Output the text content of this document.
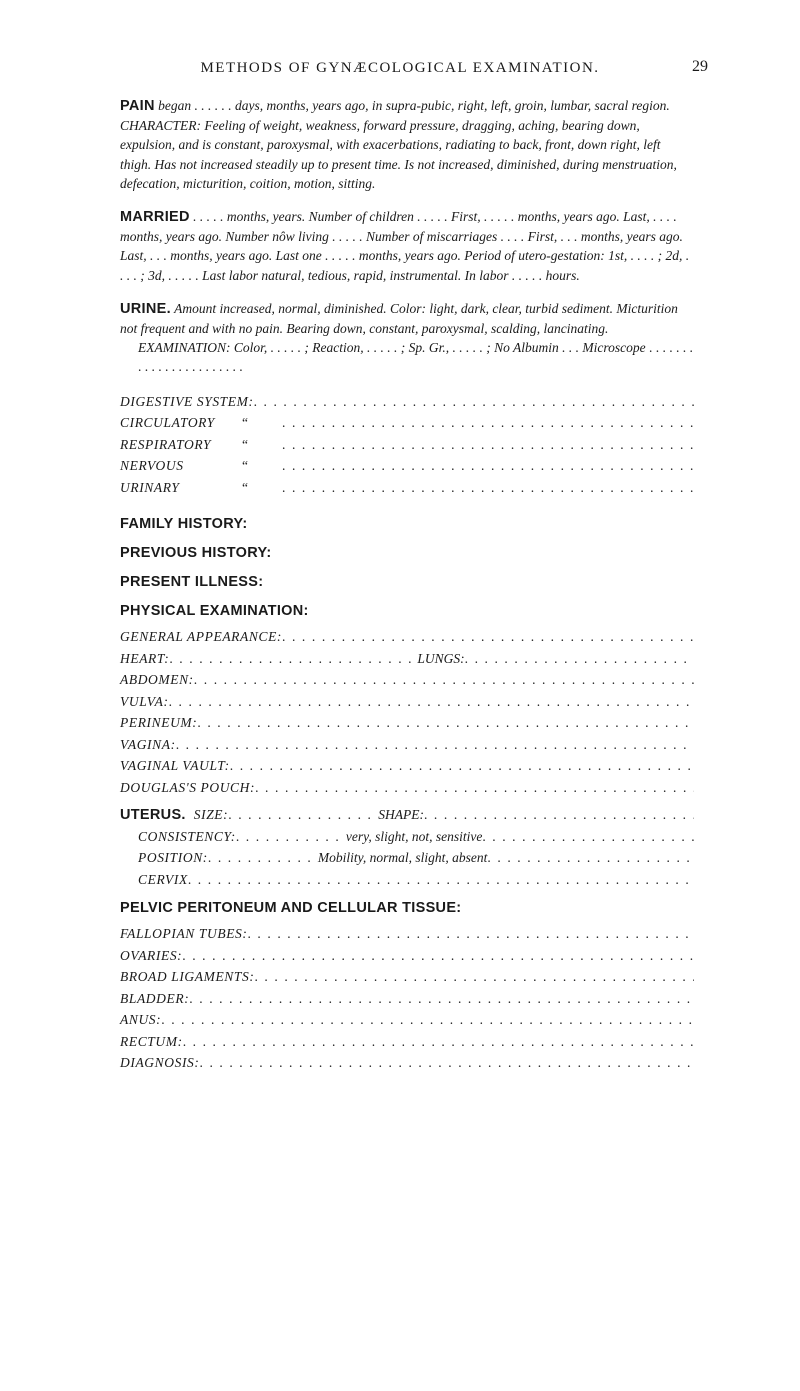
METHODS OF GYNÆCOLOGICAL EXAMINATION.	29

PAIN began . . . . . . days, months, years ago, in supra-pubic, right, left, groin, lumbar, sacral region. CHARACTER: Feeling of weight, weakness, forward pressure, dragging, aching, bearing down, expulsion, and is constant, paroxysmal, with exacerbations, radiating to back, front, down right, left thigh. Has not increased steadily up to present time. Is not increased, diminished, during menstruation, defecation, micturition, coition, motion, sitting.

MARRIED . . . . . months, years. Number of children . . . . . First, . . . . . months, years ago. Last, . . . . months, years ago. Number nôw living . . . . . Number of miscarriages . . . . First, . . . months, years ago. Last, . . . months, years ago. Last one . . . . . months, years ago. Period of utero-gestation: 1st, . . . . ; 2d, . . . . ; 3d, . . . . . Last labor natural, tedious, rapid, instrumental. In labor . . . . . hours.

URINE. Amount increased, normal, diminished. Color: light, dark, clear, turbid sediment. Micturition not frequent and with no pain. Bearing down, constant, paroxysmal, scalding, lancinating.

EXAMINATION: Color, . . . . . ; Reaction, . . . . . ; Sp. Gr., . . . . . ; No Albumin . . . Microscope . . . . . . . . . . . . . . . . . . . . . . .

DIGESTIVE SYSTEM:
. . .
CIRCULATORY	“
. . .
RESPIRATORY	“
. . .
NERVOUS	“
. . .
URINARY	“
. . .
FAMILY HISTORY:
PREVIOUS HISTORY:
PRESENT ILLNESS:
PHYSICAL EXAMINATION:
GENERAL APPEARANCE:
. . .
HEART: . . .	LUNGS:
. . .
ABDOMEN:
. . .
VULVA:
. . .
PERINEUM:
. . .
VAGINA:
. . .
VAGINAL VAULT:
. . .
DOUGLAS'S POUCH:
. . .
UTERUS. SIZE: . . .	SHAPE:
. . .
CONSISTENCY: . . .	very, slight, not, sensitive
. . .
POSITION: . . .	Mobility, normal, slight, absent
. . .
CERVIX
. . .
PELVIC PERITONEUM AND CELLULAR TISSUE:
FALLOPIAN TUBES:
. . .
OVARIES:
. . .
BROAD LIGAMENTS:
. . .
BLADDER:
. . .
ANUS:
. . .
RECTUM:
. . .
DIAGNOSIS:
. . .
